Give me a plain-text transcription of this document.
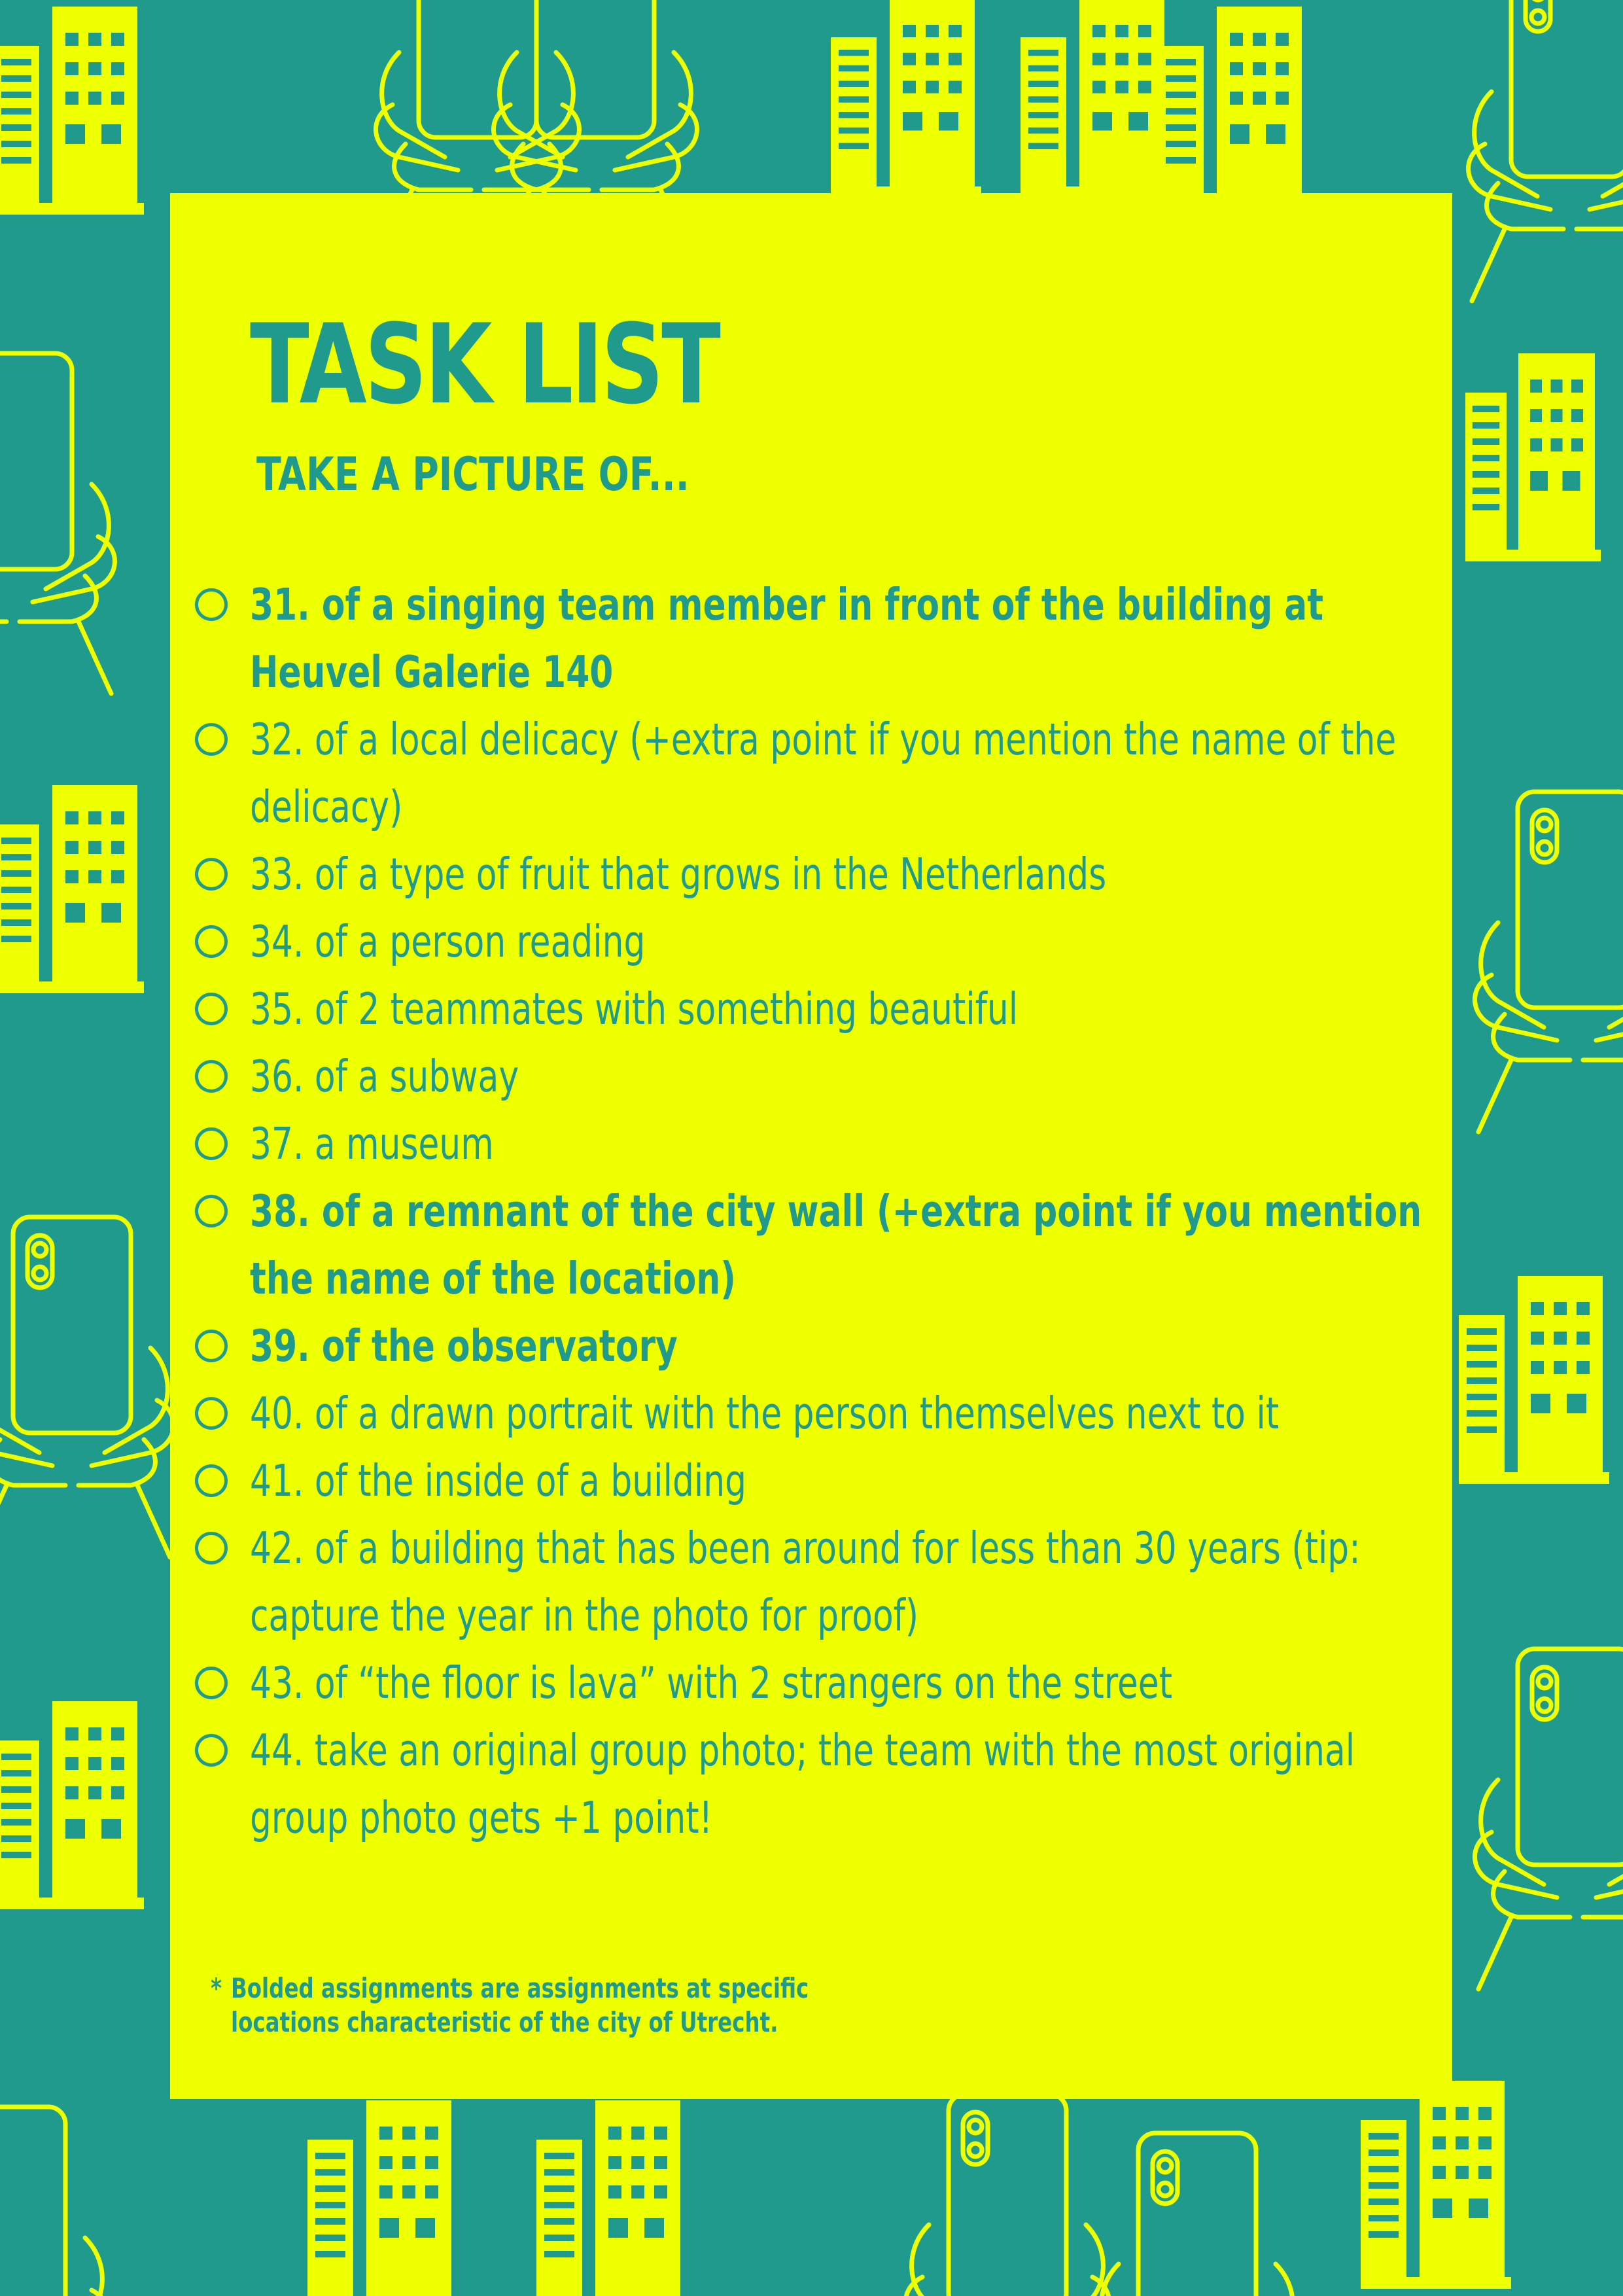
TASK LIST
TAKE A PICTURE OF...
31. of a singing team member in front of the building at Heuvel Galerie 140
32. of a local delicacy (+extra point if you mention the name of the delicacy)
33. of a type of fruit that grows in the Netherlands
34. of a person reading
35. of 2 teammates with something beautiful
36. of a subway
37. a museum
38. of a remnant of the city wall (+extra point if you mention the name of the location)
39. of the observatory
40. of a drawn portrait with the person themselves next to it
41. of the inside of a building
42. of a building that has been around for less than 30 years (tip: capture the year in the photo for proof)
43. of “the floor is lava” with 2 strangers on the street
44. take an original group photo; the team with the most original group photo gets +1 point!
* Bolded assignments are assignments at specific
locations characteristic of the city of Utrecht.
